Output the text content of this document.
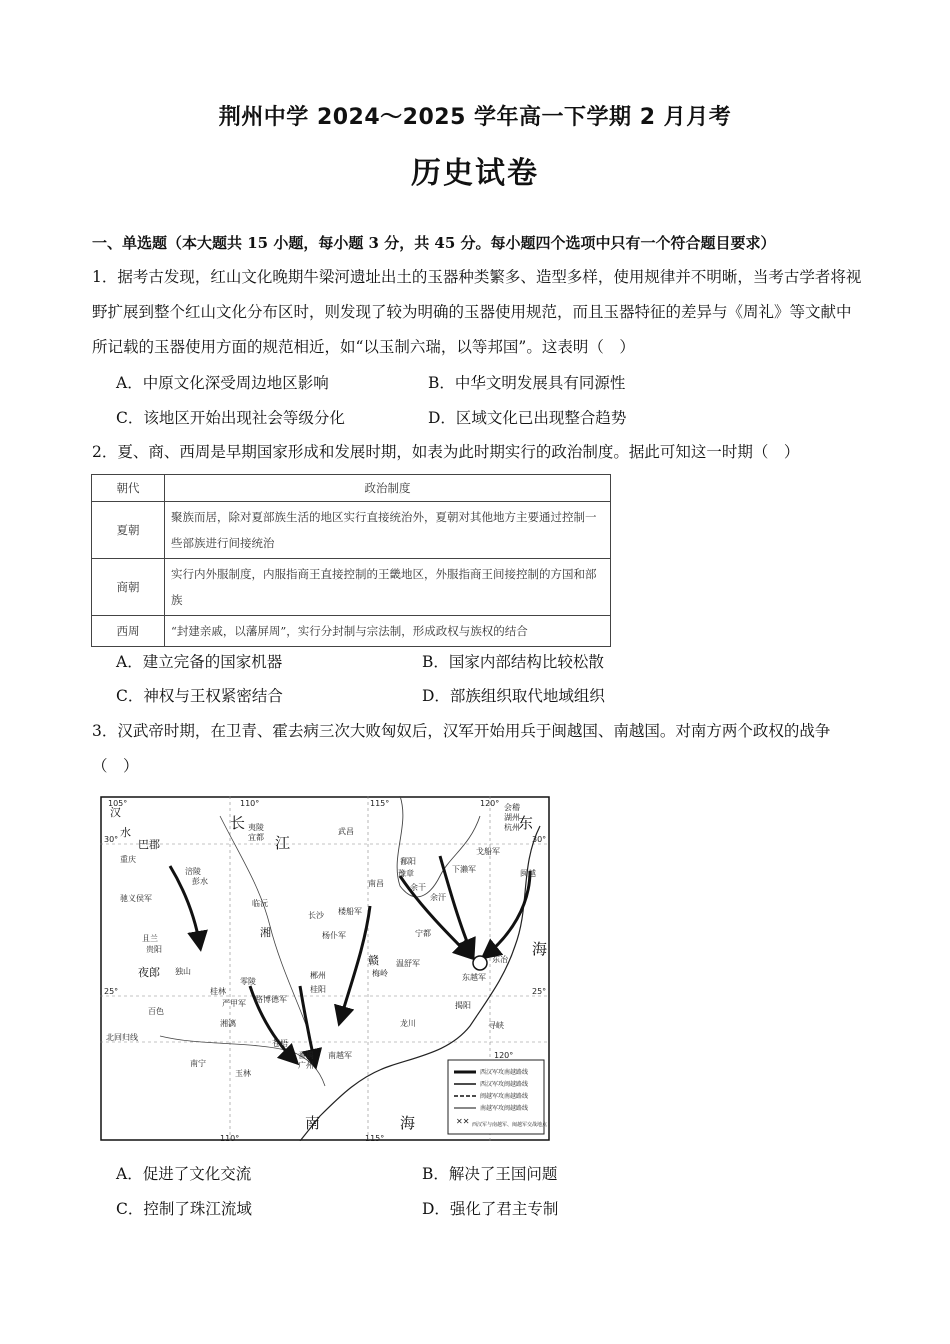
荆州中学 2024～2025 学年高一下学期 2 月月考
历史试卷
一、单选题（本大题共 15 小题，每小题 3 分，共 45 分。每小题四个选项中只有一个符合题目要求）
1．据考古发现，红山文化晚期牛梁河遗址出土的玉器种类繁多、造型多样，使用规律并不明晰，当考古学者将视野扩展到整个红山文化分布区时，则发现了较为明确的玉器使用规范，而且玉器特征的差异与《周礼》等文献中所记载的玉器使用方面的规范相近，如“以玉制六瑞，以等邦国”。这表明（　）
A．中原文化深受周边地区影响	B．中华文明发展具有同源性
C．该地区开始出现社会等级分化	D．区域文化已出现整合趋势
2．夏、商、西周是早期国家形成和发展时期，如表为此时期实行的政治制度。据此可知这一时期（　）
朝代	政治制度
夏朝	聚族而居，除对夏部族生活的地区实行直接统治外，夏朝对其他地方主要通过控制一些部族进行间接统治
商朝	实行内外服制度，内服指商王直接控制的王畿地区，外服指商王间接控制的方国和部族
西周	“封建亲戚，以藩屏周”，实行分封制与宗法制，形成政权与族权的结合
A．建立完备的国家机器	B．国家内部结构比较松散
C．神权与王权紧密结合	D．部族组织取代地域组织
3．汉武帝时期，在卫青、霍去病三次大败匈奴后，汉军开始用兵于闽越国、南越国。对南方两个政权的战争（　）
105°
110°
115°	120°
30°
25°
120°
110°
115°
30°
25°
巴郡
夜郎
南	海
长
江
东
海
汉
水
湘
赣
重庆
涪陵
彭水
驰义侯军
且兰
贵阳
独山
夷陵
宜都
武昌
临沅
长沙
豫章
南昌	余干
余汗
鄱阳
下濑军
戈船军
杨仆军
楼船军
温舒军
东越军
东冶
会稽
湖州
杭州
桂林
严甲军
零陵
路博德军
郴州
桂阳
番禺
广州
南越军
苍梧
百色
玉林
南宁
北回归线
龙川
梅岭
揭阳
寻峡
闽越
宁都
湘漓
✕✕
西汉军攻南越路线
西汉军攻闽越路线
闽越军攻南越路线
南越军攻闽越路线
西汉军与南越军、闽越军交战地点
A．促进了文化交流	B．解决了王国问题
C．控制了珠江流域	D．强化了君主专制
